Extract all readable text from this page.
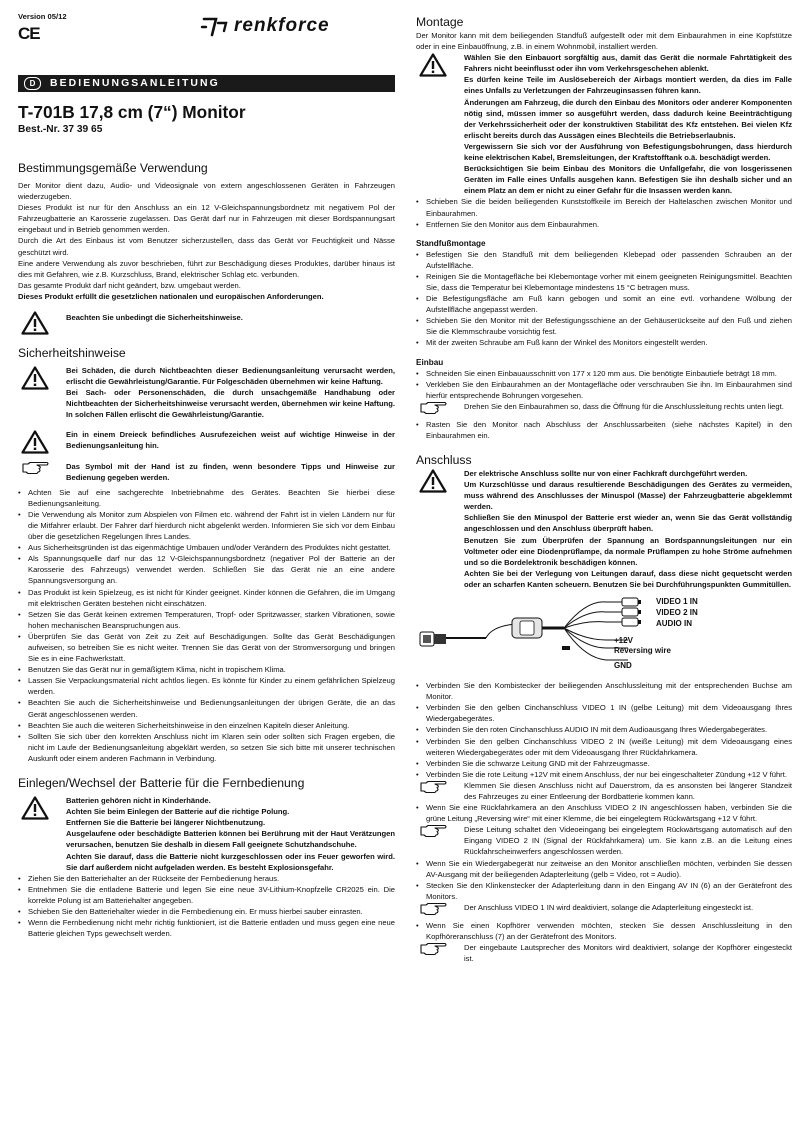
Version 05/12
CE	renkforce
D	BEDIENUNGSANLEITUNG
T-701B 17,8 cm (7“) Monitor
Best.-Nr. 37 39 65
Bestimmungsgemäße Verwendung

Der Monitor dient dazu, Audio- und Videosignale von extern angeschlossenen Geräten in Fahrzeugen wiederzugeben.

Dieses Produkt ist nur für den Anschluss an ein 12 V-Gleichspannungsbordnetz mit negativem Pol der Fahrzeugbatterie an Karosserie zugelassen. Das Gerät darf nur in Fahrzeugen mit dieser Bordspannungsart eingebaut und in Betrieb genommen werden.

Durch die Art des Einbaus ist vom Benutzer sicherzustellen, dass das Gerät vor Feuchtigkeit und Nässe geschützt wird.

Eine andere Verwendung als zuvor beschrieben, führt zur Beschädigung dieses Produktes, darüber hinaus ist dies mit Gefahren, wie z.B. Kurzschluss, Brand, elektrischer Schlag etc. verbunden.

Das gesamte Produkt darf nicht geändert, bzw. umgebaut werden.

Dieses Produkt erfüllt die gesetzlichen nationalen und europäischen Anforderungen.

Beachten Sie unbedingt die Sicherheitshinweise.

Sicherheitshinweise

Bei Schäden, die durch Nichtbeachten dieser Bedienungsanleitung verursacht werden, erlischt die Gewährleistung/Garantie. Für Folgeschäden übernehmen wir keine Haftung.

Bei Sach- oder Personenschäden, die durch unsachgemäße Handhabung oder Nichtbeachten der Sicherheitshinweise verursacht werden, übernehmen wir keine Haftung. In solchen Fällen erlischt die Gewährleistung/Garantie.

Ein in einem Dreieck befindliches Ausrufezeichen weist auf wichtige Hinweise in der Bedienungsanleitung hin.

Das Symbol mit der Hand ist zu finden, wenn besondere Tipps und Hinweise zur Bedienung gegeben werden.

• Achten Sie auf eine sachgerechte Inbetriebnahme des Gerätes. Beachten Sie hierbei diese Bedienungsanleitung.
• Die Verwendung als Monitor zum Abspielen von Filmen etc. während der Fahrt ist in vielen Ländern nur für die Mitfahrer erlaubt. Der Fahrer darf hierdurch nicht abgelenkt werden. Informieren Sie sich vor dem Einbau über die gesetzlichen Regelungen Ihres Landes.
• Aus Sicherheitsgründen ist das eigenmächtige Umbauen und/oder Verändern des Produktes nicht gestattet.
• Als Spannungsquelle darf nur das 12 V-Gleichspannungsbordnetz (negativer Pol der Batterie an der Karosserie des Fahrzeugs) verwendet werden. Schließen Sie das Gerät nie an eine andere Spannungsversorgung an.
• Das Produkt ist kein Spielzeug, es ist nicht für Kinder geeignet. Kinder können die Gefahren, die im Umgang mit elektrischen Geräten bestehen nicht einschätzen.
• Setzen Sie das Gerät keinen extremen Temperaturen, Tropf- oder Spritzwasser, starken Vibrationen, sowie hohen mechanischen Beanspruchungen aus.
• Überprüfen Sie das Gerät von Zeit zu Zeit auf Beschädigungen. Sollte das Gerät Beschädigungen aufweisen, so betreiben Sie es nicht weiter. Trennen Sie das Gerät von der Stromversorgung und bringen Sie es in eine Fachwerkstatt.
• Benutzen Sie das Gerät nur in gemäßigtem Klima, nicht in tropischem Klima.
• Lassen Sie Verpackungsmaterial nicht achtlos liegen. Es könnte für Kinder zu einem gefährlichen Spielzeug werden.
• Beachten Sie auch die Sicherheitshinweise und Bedienungsanleitungen der übrigen Geräte, die an das Gerät angeschlossenen werden.
• Beachten Sie auch die weiteren Sicherheitshinweise in den einzelnen Kapiteln dieser Anleitung.
• Sollten Sie sich über den korrekten Anschluss nicht im Klaren sein oder sollten sich Fragen ergeben, die nicht im Laufe der Bedienungsanleitung abgeklärt werden, so setzen Sie sich bitte mit unserer technischen Auskunft oder einem anderen Fachmann in Verbindung.
Einlegen/Wechsel der Batterie für die Fernbedienung

Batterien gehören nicht in Kinderhände.

Achten Sie beim Einlegen der Batterie auf die richtige Polung.

Entfernen Sie die Batterie bei längerer Nichtbenutzung.

Ausgelaufene oder beschädigte Batterien können bei Berührung mit der Haut Verätzungen verursachen, benutzen Sie deshalb in diesem Fall geeignete Schutzhandschuhe.

Achten Sie darauf, dass die Batterie nicht kurzgeschlossen oder ins Feuer geworfen wird. Sie darf außerdem nicht aufgeladen werden. Es besteht Explosionsgefahr.

• Ziehen Sie den Batteriehalter an der Rückseite der Fernbedienung heraus.
• Entnehmen Sie die entladene Batterie und legen Sie eine neue 3V-Lithium-Knopfzelle CR2025 ein. Die korrekte Polung ist am Batteriehalter angegeben.
• Schieben Sie den Batteriehalter wieder in die Fernbedienung ein. Er muss hierbei sauber einrasten.
• Wenn die Fernbedienung nicht mehr richtig funktioniert, ist die Batterie entladen und muss gegen eine neue Batterie gleichen Typs gewechselt werden.
Montage

Der Monitor kann mit dem beiliegenden Standfuß aufgestellt oder mit dem Einbaurahmen in eine Kopfstütze oder in eine Einbauöffnung, z.B. in einem Wohnmobil, installiert werden.

Wählen Sie den Einbauort sorgfältig aus, damit das Gerät die normale Fahrtätigkeit des Fahrers nicht beeinflusst oder ihn vom Verkehrsgeschehen ablenkt.

Es dürfen keine Teile im Auslösebereich der Airbags montiert werden, da dies im Falle eines Unfalls zu Verletzungen der Fahrzeuginsassen führen kann.

Änderungen am Fahrzeug, die durch den Einbau des Monitors oder anderer Komponenten nötig sind, müssen immer so ausgeführt werden, dass dadurch keine Beeinträchtigung der Verkehrssicherheit oder der konstruktiven Stabilität des Kfz entstehen. Bei vielen Kfz erlischt bereits durch das Aussägen eines Blechteils die Betriebserlaubnis.

Vergewissern Sie sich vor der Ausführung von Befestigungsbohrungen, dass hierdurch keine elektrischen Kabel, Bremsleitungen, der Kraftstofftank o.ä. beschädigt werden.

Berücksichtigen Sie beim Einbau des Monitors die Unfallgefahr, die von losgerissenen Geräten im Falle eines Unfalls ausgehen kann. Befestigen Sie ihn deshalb sicher und an einem Platz an dem er nicht zu einer Gefahr für die Insassen werden kann.

• Schieben Sie die beiden beiliegenden Kunststoffkeile im Bereich der Haltelaschen zwischen Monitor und Einbaurahmen.
• Entfernen Sie den Monitor aus dem Einbaurahmen.
Standfußmontage
• Befestigen Sie den Standfuß mit dem beiliegenden Klebepad oder passenden Schrauben an der Aufstellfläche.
• Reinigen Sie die Montagefläche bei Klebemontage vorher mit einem geeigneten Reinigungsmittel. Beachten Sie, dass die Temperatur bei Klebemontage mindestens 15 °C betragen muss.
• Die Befestigungsfläche am Fuß kann gebogen und somit an eine evtl. vorhandene Wölbung der Aufstellfläche angepasst werden.
• Schieben Sie den Monitor mit der Befestigungsschiene an der Gehäuserückseite auf den Fuß und ziehen Sie die Klemmschraube vorsichtig fest.
• Mit der zweiten Schraube am Fuß kann der Winkel des Monitors eingestellt werden.
Einbau
• Schneiden Sie einen Einbauausschnitt von 177 x 120 mm aus. Die benötigte Einbautiefe beträgt 18 mm.
• Verkleben Sie den Einbaurahmen an der Montagefläche oder verschrauben Sie ihn. Im Einbaurahmen sind hierfür entsprechende Bohrungen vorgesehen.

Drehen Sie den Einbaurahmen so, dass die Öffnung für die Anschlussleitung rechts unten liegt.

• Rasten Sie den Monitor nach Abschluss der Anschlussarbeiten (siehe nächstes Kapitel) in den Einbaurahmen ein.
Anschluss

Der elektrische Anschluss sollte nur von einer Fachkraft durchgeführt werden.

Um Kurzschlüsse und daraus resultierende Beschädigungen des Gerätes zu vermeiden, muss während des Anschlusses der Minuspol (Masse) der Fahrzeugbatterie abgeklemmt werden.

Schließen Sie den Minuspol der Batterie erst wieder an, wenn Sie das Gerät vollständig angeschlossen und den Anschluss überprüft haben.

Benutzen Sie zum Überprüfen der Spannung an Bordspannungsleitungen nur ein Voltmeter oder eine Diodenprüflampe, da normale Prüflampen zu hohe Ströme aufnehmen und so die Bordelektronik beschädigen können.

Achten Sie bei der Verlegung von Leitungen darauf, dass diese nicht gequetscht werden oder an scharfen Kanten scheuern. Benutzen Sie bei Durchführungspunkten Gummitüllen.

VIDEO 1 IN
VIDEO 2 IN
AUDIO IN
+12V
Reversing wire
GND
• Verbinden Sie den Kombistecker der beiliegenden Anschlussleitung mit der entsprechenden Buchse am Monitor.
• Verbinden Sie den gelben Cinchanschluss VIDEO 1 IN (gelbe Leitung) mit dem Videoausgang Ihres Wiedergabegerätes.
• Verbinden Sie den roten Cinchanschluss AUDIO IN mit dem Audioausgang Ihres Wiedergabegerätes.
• Verbinden Sie den gelben Cinchanschluss VIDEO 2 IN (weiße Leitung) mit dem Videoausgang eines weiteren Wiedergabegerätes oder mit dem Videoausgang Ihrer Rückfahrkamera.
• Verbinden Sie die schwarze Leitung GND mit der Fahrzeugmasse.
• Verbinden Sie die rote Leitung +12V mit einem Anschluss, der nur bei eingeschalteter Zündung +12 V führt.

Klemmen Sie diesen Anschluss nicht auf Dauerstrom, da es ansonsten bei längerer Standzeit des Fahrzeuges zu einer Entleerung der Bordbatterie kommen kann.

• Wenn Sie eine Rückfahrkamera an den Anschluss VIDEO 2 IN angeschlossen haben, verbinden Sie die grüne Leitung „Reversing wire“ mit einer Klemme, die bei eingelegtem Rückwärtsgang +12 V führt.

Diese Leitung schaltet den Videoeingang bei eingelegtem Rückwärtsgang automatisch auf den Eingang VIDEO 2 IN (Signal der Rückfahrkamera) um. Sie kann z.B. an die Leitung eines Rückfahrscheinwerfers angeschlossen werden.

• Wenn Sie ein Wiedergabegerät nur zeitweise an den Monitor anschließen möchten, verbinden Sie dessen AV-Ausgang mit der beiliegenden Adapterleitung (gelb = Video, rot = Audio).
• Stecken Sie den Klinkenstecker der Adapterleitung dann in den Eingang AV IN (6) an der Gerätefront des Monitors.

Der Anschluss VIDEO 1 IN wird deaktiviert, solange die Adapterleitung eingesteckt ist.

• Wenn Sie einen Kopfhörer verwenden möchten, stecken Sie dessen Anschlussleitung in den Kopfhöreranschluss (7) an der Gerätefront des Monitors.

Der eingebaute Lautsprecher des Monitors wird deaktiviert, solange der Kopfhörer eingesteckt ist.
